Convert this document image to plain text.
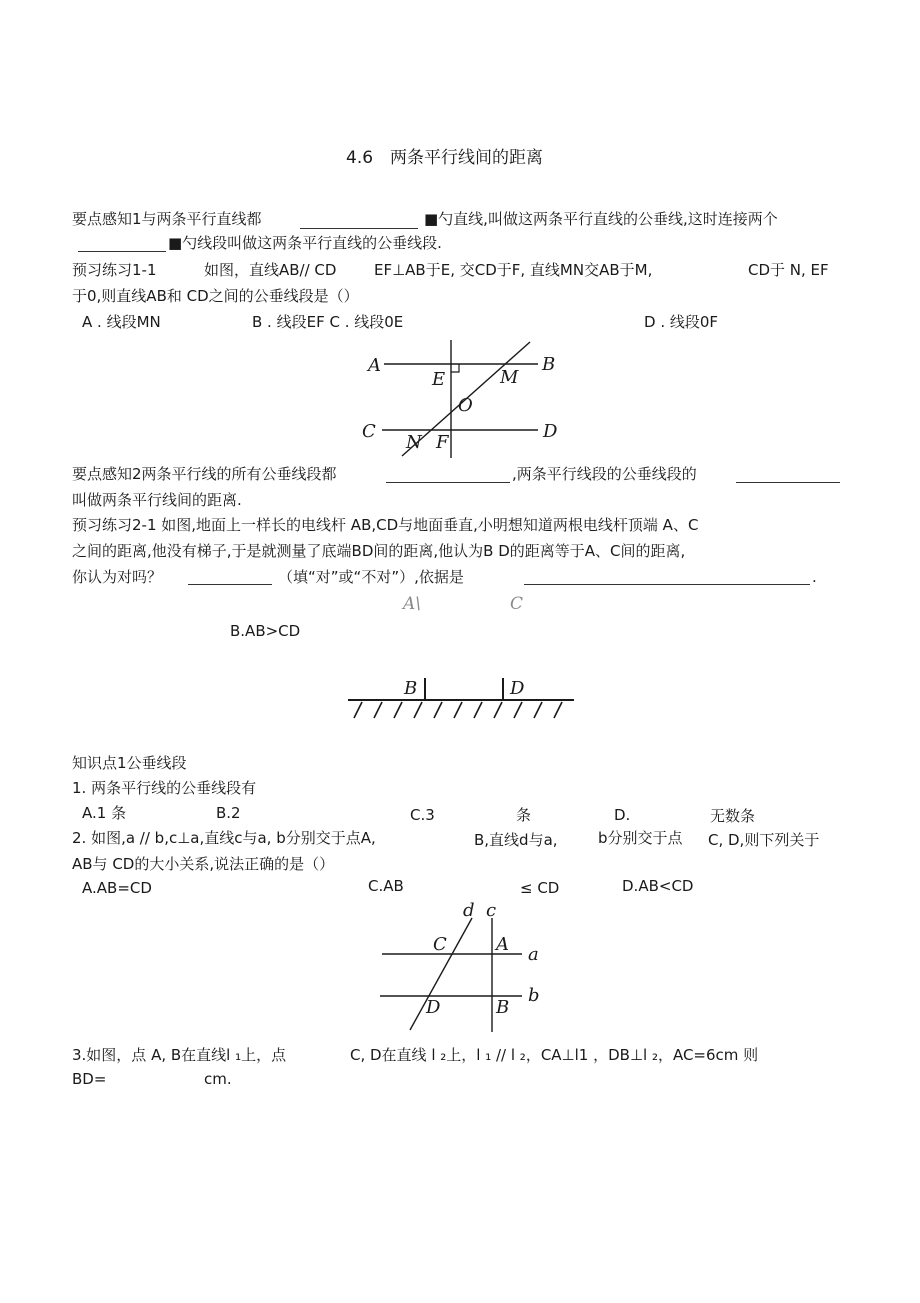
4.6　两条平行线间的距离
要点感知1与两条平行直线都	■勺直线,叫做这两条平行直线的公垂线,这时连接两个
■勺线段叫做这两条平行直线的公垂线段.
预习练习1-1	如图，直线AB// CD	EF⊥AB于E, 交CD于F, 直线MN交AB于M,	CD于 N, EF
于0,则直线AB和 CD之间的公垂线段是（）
A . 线段MN	B . 线段EF C . 线段0E	D . 线段0F
A	B
E	M
O
C	D
N F
要点感知2两条平行线的所有公垂线段都	,两条平行线段的公垂线段的
叫做两条平行线间的距离.
预习练习2-1 如图,地面上一样长的电线杆 AB,CD与地面垂直,小明想知道两根电线杆顶端 A、C
之间的距离,他没有梯子,于是就测量了底端BD间的距离,他认为B D的距离等于A、C间的距离,
你认为对吗？	（填“对”或“不对”）,依据是	.
A\	C
B.AB>CD
B	D
知识点1公垂线段
1. 两条平行线的公垂线段有
A.1 条	B.2	C.3	条	D.	无数条
2. 如图,a // b,c⊥a,直线c与a, b分别交于点A,	B,直线d与a,	b分别交于点 C, D,则下列关于
AB与 CD的大小关系,说法正确的是（）
A.AB=CD	C.AB	≤ CD	D.AB<CD
d c
C	A a
D	B
b
3.如图，点 A, B在直线l ₁上，点	C, D在直线 l ₂上，l ₁ // l ₂，CA⊥l1 ，DB⊥l ₂，AC=6cm 则
BD=	cm.
